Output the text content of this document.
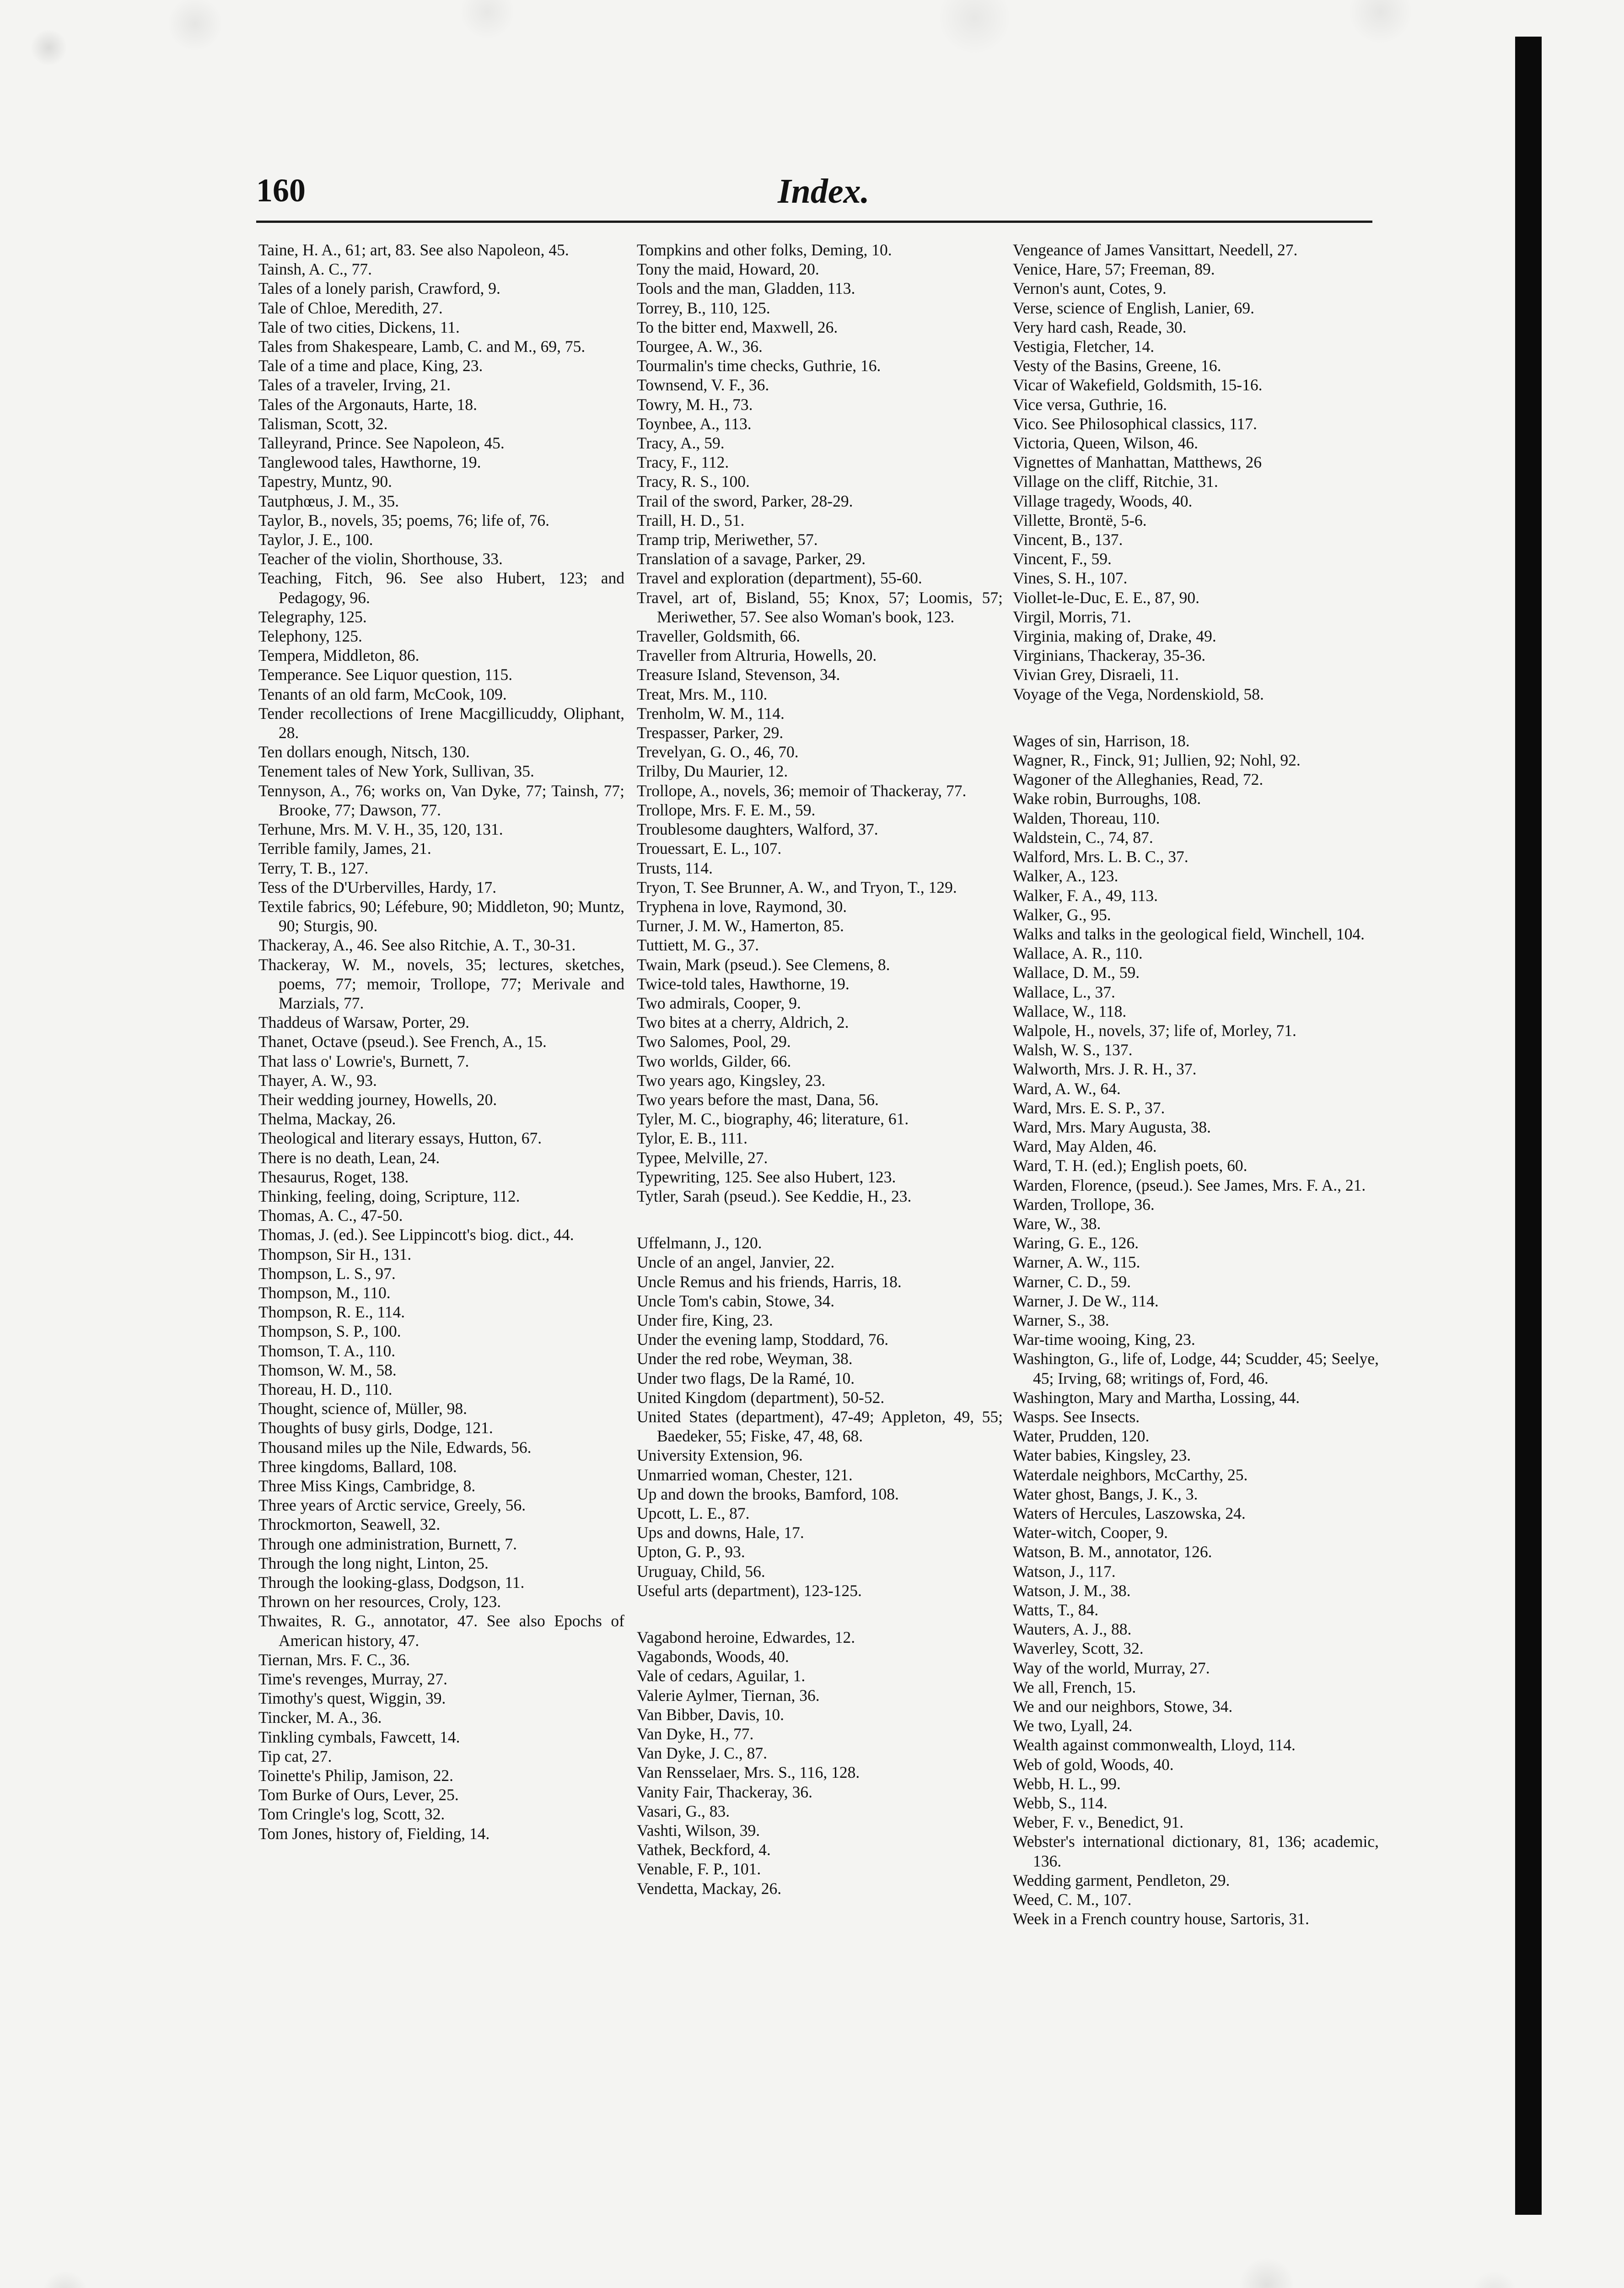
160	Index.
Taine, H. A., 61; art, 83. See also Napoleon, 45.
Tainsh, A. C., 77.
Tales of a lonely parish, Crawford, 9.
Tale of Chloe, Meredith, 27.
Tale of two cities, Dickens, 11.
Tales from Shakespeare, Lamb, C. and M., 69, 75.
Tale of a time and place, King, 23.
Tales of a traveler, Irving, 21.
Tales of the Argonauts, Harte, 18.
Talisman, Scott, 32.
Talleyrand, Prince. See Napoleon, 45.
Tanglewood tales, Hawthorne, 19.
Tapestry, Muntz, 90.
Tautphœus, J. M., 35.
Taylor, B., novels, 35; poems, 76; life of, 76.
Taylor, J. E., 100.
Teacher of the violin, Shorthouse, 33.
Teaching, Fitch, 96. See also Hubert, 123; and Pedagogy, 96.
Telegraphy, 125.
Telephony, 125.
Tempera, Middleton, 86.
Temperance. See Liquor question, 115.
Tenants of an old farm, McCook, 109.
Tender recollections of Irene Macgillicuddy, Oliphant, 28.
Ten dollars enough, Nitsch, 130.
Tenement tales of New York, Sullivan, 35.
Tennyson, A., 76; works on, Van Dyke, 77; Tainsh, 77; Brooke, 77; Dawson, 77.
Terhune, Mrs. M. V. H., 35, 120, 131.
Terrible family, James, 21.
Terry, T. B., 127.
Tess of the D'Urbervilles, Hardy, 17.
Textile fabrics, 90; Léfebure, 90; Middleton, 90; Muntz, 90; Sturgis, 90.
Thackeray, A., 46. See also Ritchie, A. T., 30-31.
Thackeray, W. M., novels, 35; lectures, sketches, poems, 77; memoir, Trollope, 77; Merivale and Marzials, 77.
Thaddeus of Warsaw, Porter, 29.
Thanet, Octave (pseud.). See French, A., 15.
That lass o' Lowrie's, Burnett, 7.
Thayer, A. W., 93.
Their wedding journey, Howells, 20.
Thelma, Mackay, 26.
Theological and literary essays, Hutton, 67.
There is no death, Lean, 24.
Thesaurus, Roget, 138.
Thinking, feeling, doing, Scripture, 112.
Thomas, A. C., 47-50.
Thomas, J. (ed.). See Lippincott's biog. dict., 44.
Thompson, Sir H., 131.
Thompson, L. S., 97.
Thompson, M., 110.
Thompson, R. E., 114.
Thompson, S. P., 100.
Thomson, T. A., 110.
Thomson, W. M., 58.
Thoreau, H. D., 110.
Thought, science of, Müller, 98.
Thoughts of busy girls, Dodge, 121.
Thousand miles up the Nile, Edwards, 56.
Three kingdoms, Ballard, 108.
Three Miss Kings, Cambridge, 8.
Three years of Arctic service, Greely, 56.
Throckmorton, Seawell, 32.
Through one administration, Burnett, 7.
Through the long night, Linton, 25.
Through the looking-glass, Dodgson, 11.
Thrown on her resources, Croly, 123.
Thwaites, R. G., annotator, 47. See also Epochs of American history, 47.
Tiernan, Mrs. F. C., 36.
Time's revenges, Murray, 27.
Timothy's quest, Wiggin, 39.
Tincker, M. A., 36.
Tinkling cymbals, Fawcett, 14.
Tip cat, 27.
Toinette's Philip, Jamison, 22.
Tom Burke of Ours, Lever, 25.
Tom Cringle's log, Scott, 32.
Tom Jones, history of, Fielding, 14.
Tompkins and other folks, Deming, 10.
Tony the maid, Howard, 20.
Tools and the man, Gladden, 113.
Torrey, B., 110, 125.
To the bitter end, Maxwell, 26.
Tourgee, A. W., 36.
Tourmalin's time checks, Guthrie, 16.
Townsend, V. F., 36.
Towry, M. H., 73.
Toynbee, A., 113.
Tracy, A., 59.
Tracy, F., 112.
Tracy, R. S., 100.
Trail of the sword, Parker, 28-29.
Traill, H. D., 51.
Tramp trip, Meriwether, 57.
Translation of a savage, Parker, 29.
Travel and exploration (department), 55-60.
Travel, art of, Bisland, 55; Knox, 57; Loomis, 57; Meriwether, 57. See also Woman's book, 123.
Traveller, Goldsmith, 66.
Traveller from Altruria, Howells, 20.
Treasure Island, Stevenson, 34.
Treat, Mrs. M., 110.
Trenholm, W. M., 114.
Trespasser, Parker, 29.
Trevelyan, G. O., 46, 70.
Trilby, Du Maurier, 12.
Trollope, A., novels, 36; memoir of Thackeray, 77.
Trollope, Mrs. F. E. M., 59.
Troublesome daughters, Walford, 37.
Trouessart, E. L., 107.
Trusts, 114.
Tryon, T. See Brunner, A. W., and Tryon, T., 129.
Tryphena in love, Raymond, 30.
Turner, J. M. W., Hamerton, 85.
Tuttiett, M. G., 37.
Twain, Mark (pseud.). See Clemens, 8.
Twice-told tales, Hawthorne, 19.
Two admirals, Cooper, 9.
Two bites at a cherry, Aldrich, 2.
Two Salomes, Pool, 29.
Two worlds, Gilder, 66.
Two years ago, Kingsley, 23.
Two years before the mast, Dana, 56.
Tyler, M. C., biography, 46; literature, 61.
Tylor, E. B., 111.
Typee, Melville, 27.
Typewriting, 125. See also Hubert, 123.
Tytler, Sarah (pseud.). See Keddie, H., 23.
Uffelmann, J., 120.
Uncle of an angel, Janvier, 22.
Uncle Remus and his friends, Harris, 18.
Uncle Tom's cabin, Stowe, 34.
Under fire, King, 23.
Under the evening lamp, Stoddard, 76.
Under the red robe, Weyman, 38.
Under two flags, De la Ramé, 10.
United Kingdom (department), 50-52.
United States (department), 47-49; Appleton, 49, 55; Baedeker, 55; Fiske, 47, 48, 68.
University Extension, 96.
Unmarried woman, Chester, 121.
Up and down the brooks, Bamford, 108.
Upcott, L. E., 87.
Ups and downs, Hale, 17.
Upton, G. P., 93.
Uruguay, Child, 56.
Useful arts (department), 123-125.
Vagabond heroine, Edwardes, 12.
Vagabonds, Woods, 40.
Vale of cedars, Aguilar, 1.
Valerie Aylmer, Tiernan, 36.
Van Bibber, Davis, 10.
Van Dyke, H., 77.
Van Dyke, J. C., 87.
Van Rensselaer, Mrs. S., 116, 128.
Vanity Fair, Thackeray, 36.
Vasari, G., 83.
Vashti, Wilson, 39.
Vathek, Beckford, 4.
Venable, F. P., 101.
Vendetta, Mackay, 26.
Vengeance of James Vansittart, Needell, 27.
Venice, Hare, 57; Freeman, 89.
Vernon's aunt, Cotes, 9.
Verse, science of English, Lanier, 69.
Very hard cash, Reade, 30.
Vestigia, Fletcher, 14.
Vesty of the Basins, Greene, 16.
Vicar of Wakefield, Goldsmith, 15-16.
Vice versa, Guthrie, 16.
Vico. See Philosophical classics, 117.
Victoria, Queen, Wilson, 46.
Vignettes of Manhattan, Matthews, 26
Village on the cliff, Ritchie, 31.
Village tragedy, Woods, 40.
Villette, Brontë, 5-6.
Vincent, B., 137.
Vincent, F., 59.
Vines, S. H., 107.
Viollet-le-Duc, E. E., 87, 90.
Virgil, Morris, 71.
Virginia, making of, Drake, 49.
Virginians, Thackeray, 35-36.
Vivian Grey, Disraeli, 11.
Voyage of the Vega, Nordenskiold, 58.
Wages of sin, Harrison, 18.
Wagner, R., Finck, 91; Jullien, 92; Nohl, 92.
Wagoner of the Alleghanies, Read, 72.
Wake robin, Burroughs, 108.
Walden, Thoreau, 110.
Waldstein, C., 74, 87.
Walford, Mrs. L. B. C., 37.
Walker, A., 123.
Walker, F. A., 49, 113.
Walker, G., 95.
Walks and talks in the geological field, Winchell, 104.
Wallace, A. R., 110.
Wallace, D. M., 59.
Wallace, L., 37.
Wallace, W., 118.
Walpole, H., novels, 37; life of, Morley, 71.
Walsh, W. S., 137.
Walworth, Mrs. J. R. H., 37.
Ward, A. W., 64.
Ward, Mrs. E. S. P., 37.
Ward, Mrs. Mary Augusta, 38.
Ward, May Alden, 46.
Ward, T. H. (ed.); English poets, 60.
Warden, Florence, (pseud.). See James, Mrs. F. A., 21.
Warden, Trollope, 36.
Ware, W., 38.
Waring, G. E., 126.
Warner, A. W., 115.
Warner, C. D., 59.
Warner, J. De W., 114.
Warner, S., 38.
War-time wooing, King, 23.
Washington, G., life of, Lodge, 44; Scudder, 45; Seelye, 45; Irving, 68; writings of, Ford, 46.
Washington, Mary and Martha, Lossing, 44.
Wasps. See Insects.
Water, Prudden, 120.
Water babies, Kingsley, 23.
Waterdale neighbors, McCarthy, 25.
Water ghost, Bangs, J. K., 3.
Waters of Hercules, Laszowska, 24.
Water-witch, Cooper, 9.
Watson, B. M., annotator, 126.
Watson, J., 117.
Watson, J. M., 38.
Watts, T., 84.
Wauters, A. J., 88.
Waverley, Scott, 32.
Way of the world, Murray, 27.
We all, French, 15.
We and our neighbors, Stowe, 34.
We two, Lyall, 24.
Wealth against commonwealth, Lloyd, 114.
Web of gold, Woods, 40.
Webb, H. L., 99.
Webb, S., 114.
Weber, F. v., Benedict, 91.
Webster's international dictionary, 81, 136; academic, 136.
Wedding garment, Pendleton, 29.
Weed, C. M., 107.
Week in a French country house, Sartoris, 31.
